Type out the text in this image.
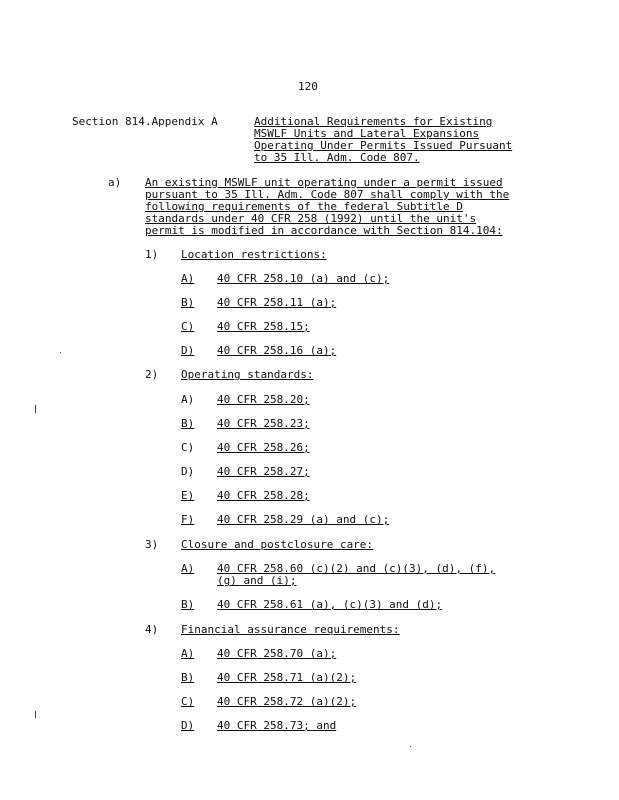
120
Section 814.Appendix A	Additional Requirements for Existing
MSWLF Units and Lateral Expansions
Operating Under Permits Issued Pursuant
to 35 Ill. Adm. Code 807.
a) An existing MSWLF unit operating under a permit issued
pursuant to 35 Ill. Adm. Code 807 shall comply with the
following requirements of the federal Subtitle D
standards under 40 CFR 258 (1992) until the unit's
permit is modified in accordance with Section 814.104:
1) Location restrictions:
A) 40 CFR 258.10 (a) and (c);
B) 40 CFR 258.11 (a);
C) 40 CFR 258.15;
D) 40 CFR 258.16 (a);
2) Operating standards:
A) 40 CFR 258.20;
B) 40 CFR 258.23;
C) 40 CFR 258.26;
D) 40 CFR 258.27;
E) 40 CFR 258.28;
F) 40 CFR 258.29 (a) and (c);
3) Closure and postclosure care:
A) 40 CFR 258.60 (c)(2) and (c)(3), (d), (f),
(g) and (i);
B) 40 CFR 258.61 (a), (c)(3) and (d);
4) Financial assurance requirements:
A) 40 CFR 258.70 (a);
B) 40 CFR 258.71 (a)(2);
C) 40 CFR 258.72 (a)(2);
D) 40 CFR 258.73; and
